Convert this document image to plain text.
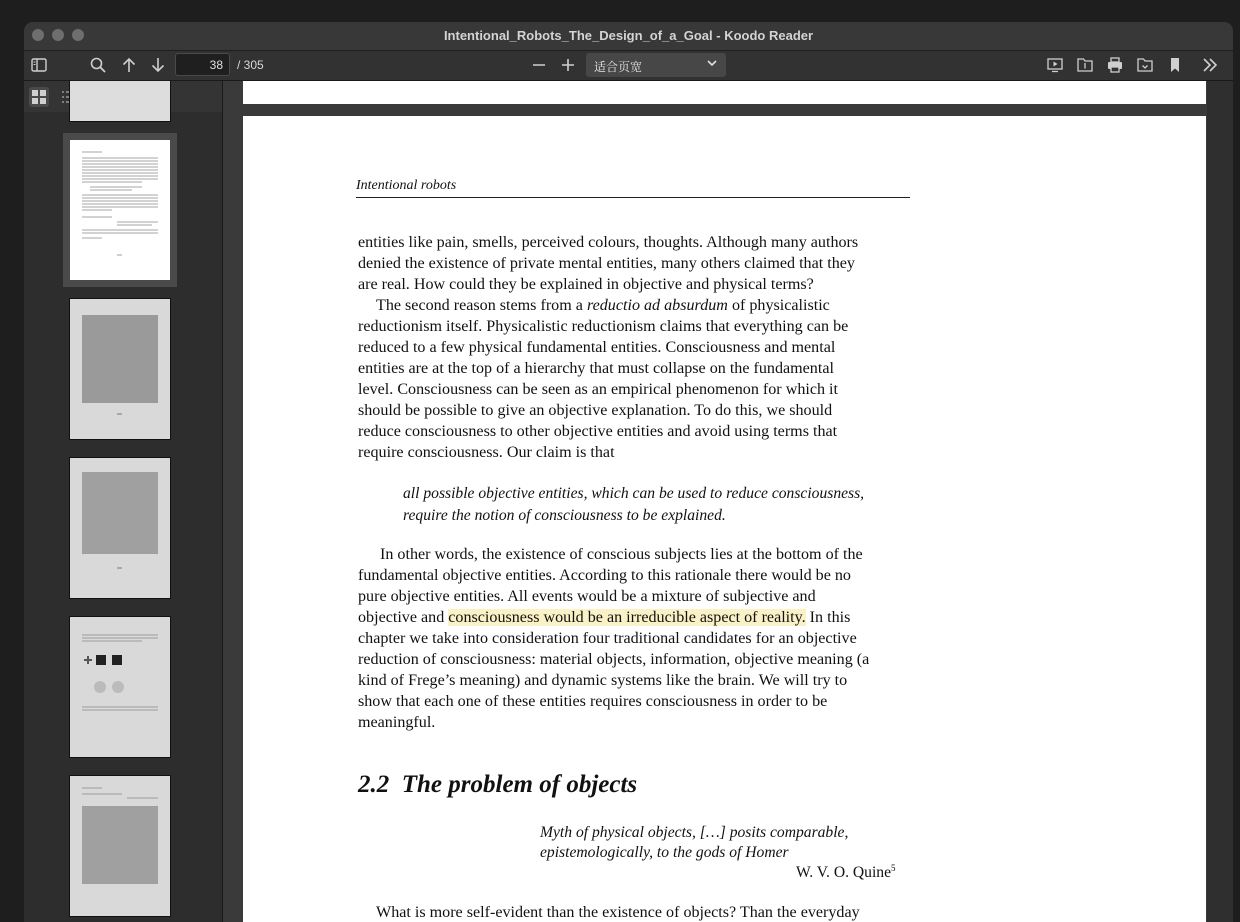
Intentional_Robots_The_Design_of_a_Goal - Koodo Reader
38
/ 305	适合页宽
Intentional robots
entities like pain, smells, perceived colours, thoughts. Although many authors
denied the existence of private mental entities, many others claimed that they
are real. How could they be explained in objective and physical terms?
The second reason stems from a reductio ad absurdum of physicalistic
reductionism itself. Physicalistic reductionism claims that everything can be
reduced to a few physical fundamental entities. Consciousness and mental
entities are at the top of a hierarchy that must collapse on the fundamental
level. Consciousness can be seen as an empirical phenomenon for which it
should be possible to give an objective explanation. To do this, we should
reduce consciousness to other objective entities and avoid using terms that
require consciousness. Our claim is that
all possible objective entities, which can be used to reduce consciousness,
require the notion of consciousness to be explained.
In other words, the existence of conscious subjects lies at the bottom of the
fundamental objective entities. According to this rationale there would be no
pure objective entities. All events would be a mixture of subjective and
objective and consciousness would be an irreducible aspect of reality. In this
chapter we take into consideration four traditional candidates for an objective
reduction of consciousness: material objects, information, objective meaning (a
kind of Frege’s meaning) and dynamic systems like the brain. We will try to
show that each one of these entities requires consciousness in order to be
meaningful.
2.2 The problem of objects
Myth of physical objects, […] posits comparable,
epistemologically, to the gods of Homer
W. V. O. Quine$^5$
What is more self-evident than the existence of objects? Than the everyday
